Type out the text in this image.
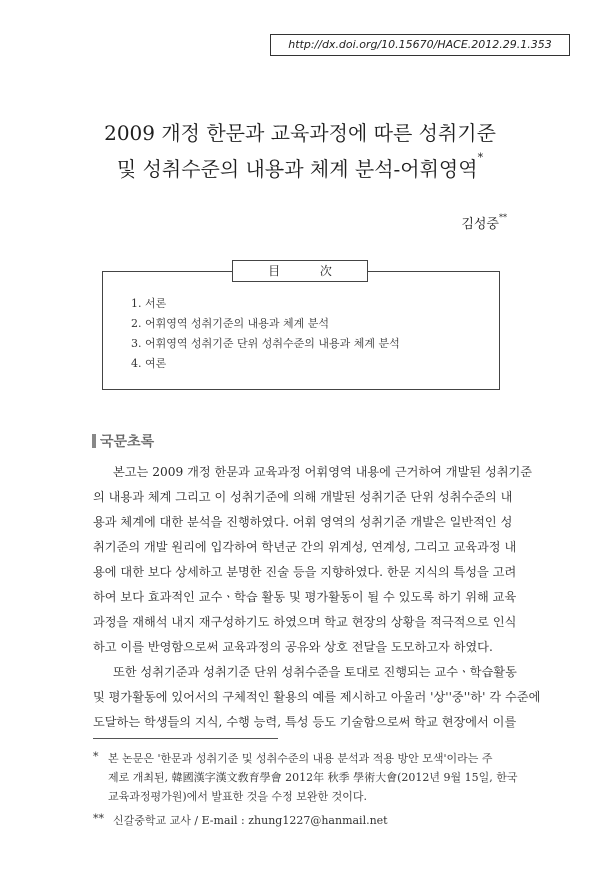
http://dx.doi.org/10.15670/HACE.2012.29.1.353
2009 개정 한문과 교육과정에 따른 성취기준
및 성취수준의 내용과 체계 분석-어휘영역*
김성중**
目 次
1. 서론
2. 어휘영역 성취기준의 내용과 체계 분석
3. 어휘영역 성취기준 단위 성취수준의 내용과 체계 분석
4. 여론
국문초록
본고는 2009 개정 한문과 교육과정 어휘영역 내용에 근거하여 개발된 성취기준
의 내용과 체계 그리고 이 성취기준에 의해 개발된 성취기준 단위 성취수준의 내
용과 체계에 대한 분석을 진행하였다. 어휘 영역의 성취기준 개발은 일반적인 성
취기준의 개발 원리에 입각하여 학년군 간의 위계성, 연계성, 그리고 교육과정 내
용에 대한 보다 상세하고 분명한 진술 등을 지향하였다. 한문 지식의 특성을 고려
하여 보다 효과적인 교수ㆍ학습 활동 및 평가활동이 될 수 있도록 하기 위해 교육
과정을 재해석 내지 재구성하기도 하였으며 학교 현장의 상황을 적극적으로 인식
하고 이를 반영함으로써 교육과정의 공유와 상호 전달을 도모하고자 하였다.
또한 성취기준과 성취기준 단위 성취수준을 토대로 진행되는 교수ㆍ학습활동
및 평가활동에 있어서의 구체적인 활용의 예를 제시하고 아울러 '상''중''하' 각 수준에
도달하는 학생들의 지식, 수행 능력, 특성 등도 기술함으로써 학교 현장에서 이를
* 본 논문은 '한문과 성취기준 및 성취수준의 내용 분석과 적용 방안 모색'이라는 주
제로 개최된, 韓國漢字漢文敎育學會 2012年 秋季 學術大會(2012년 9월 15일, 한국
교육과정평가원)에서 발표한 것을 수정 보완한 것이다.
** 신갈중학교 교사 / E-mail : zhung1227@hanmail.net
